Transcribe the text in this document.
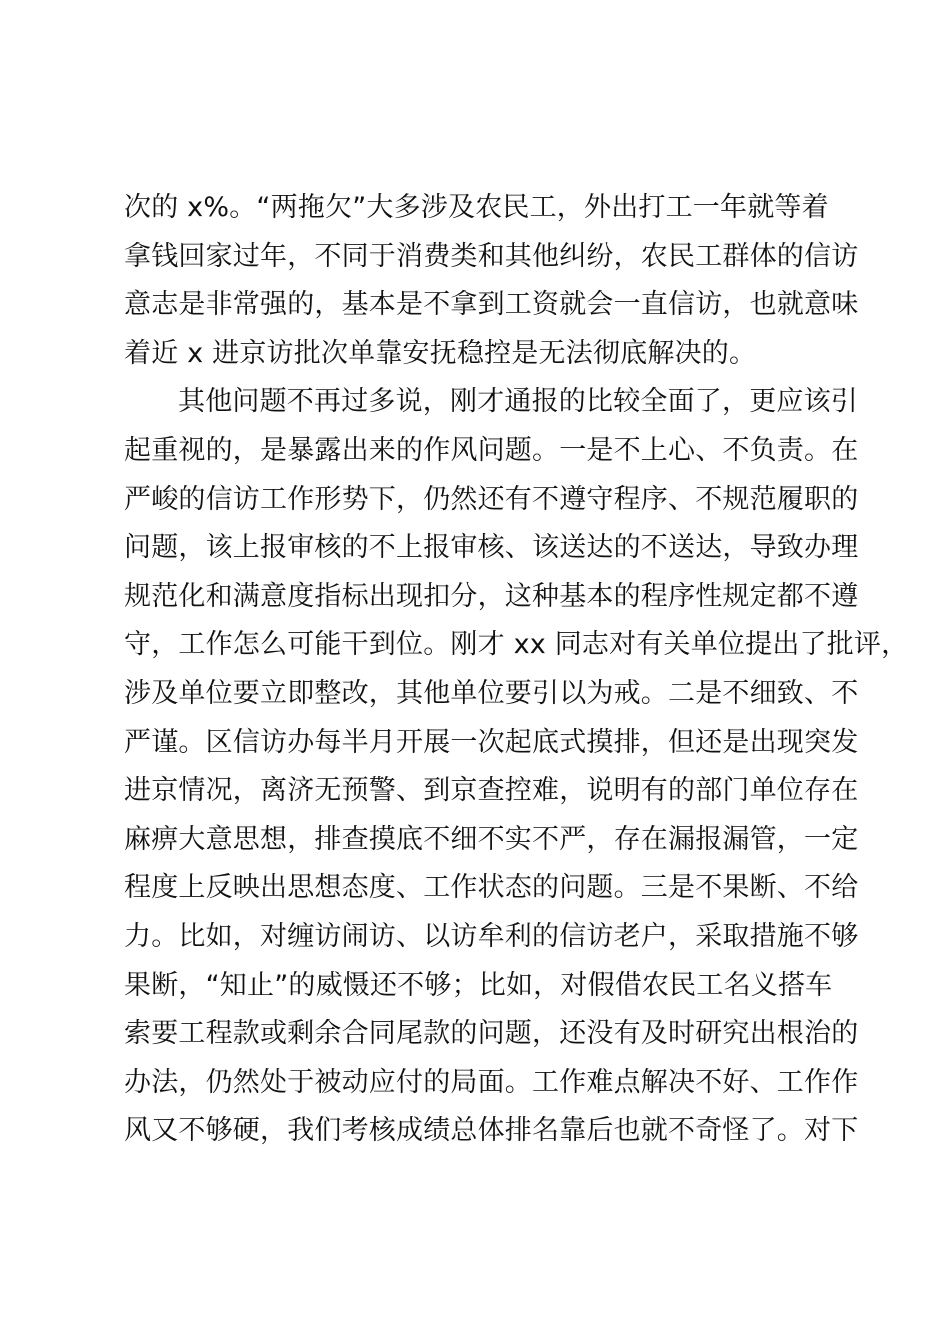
次的 x%。“两拖欠”大多涉及农民工，外出打工一年就等着
拿钱回家过年，不同于消费类和其他纠纷，农民工群体的信访
意志是非常强的，基本是不拿到工资就会一直信访，也就意味
着近 x 进京访批次单靠安抚稳控是无法彻底解决的。
其他问题不再过多说，刚才通报的比较全面了，更应该引
起重视的，是暴露出来的作风问题。一是不上心、不负责。在
严峻的信访工作形势下，仍然还有不遵守程序、不规范履职的
问题，该上报审核的不上报审核、该送达的不送达，导致办理
规范化和满意度指标出现扣分，这种基本的程序性规定都不遵
守，工作怎么可能干到位。刚才 xx 同志对有关单位提出了批评，
涉及单位要立即整改，其他单位要引以为戒。二是不细致、不
严谨。区信访办每半月开展一次起底式摸排，但还是出现突发
进京情况，离济无预警、到京查控难，说明有的部门单位存在
麻痹大意思想，排查摸底不细不实不严，存在漏报漏管，一定
程度上反映出思想态度、工作状态的问题。三是不果断、不给
力。比如，对缠访闹访、以访牟利的信访老户，采取措施不够
果断，“知止”的威慑还不够；比如，对假借农民工名义搭车
索要工程款或剩余合同尾款的问题，还没有及时研究出根治的
办法，仍然处于被动应付的局面。工作难点解决不好、工作作
风又不够硬，我们考核成绩总体排名靠后也就不奇怪了。对下
